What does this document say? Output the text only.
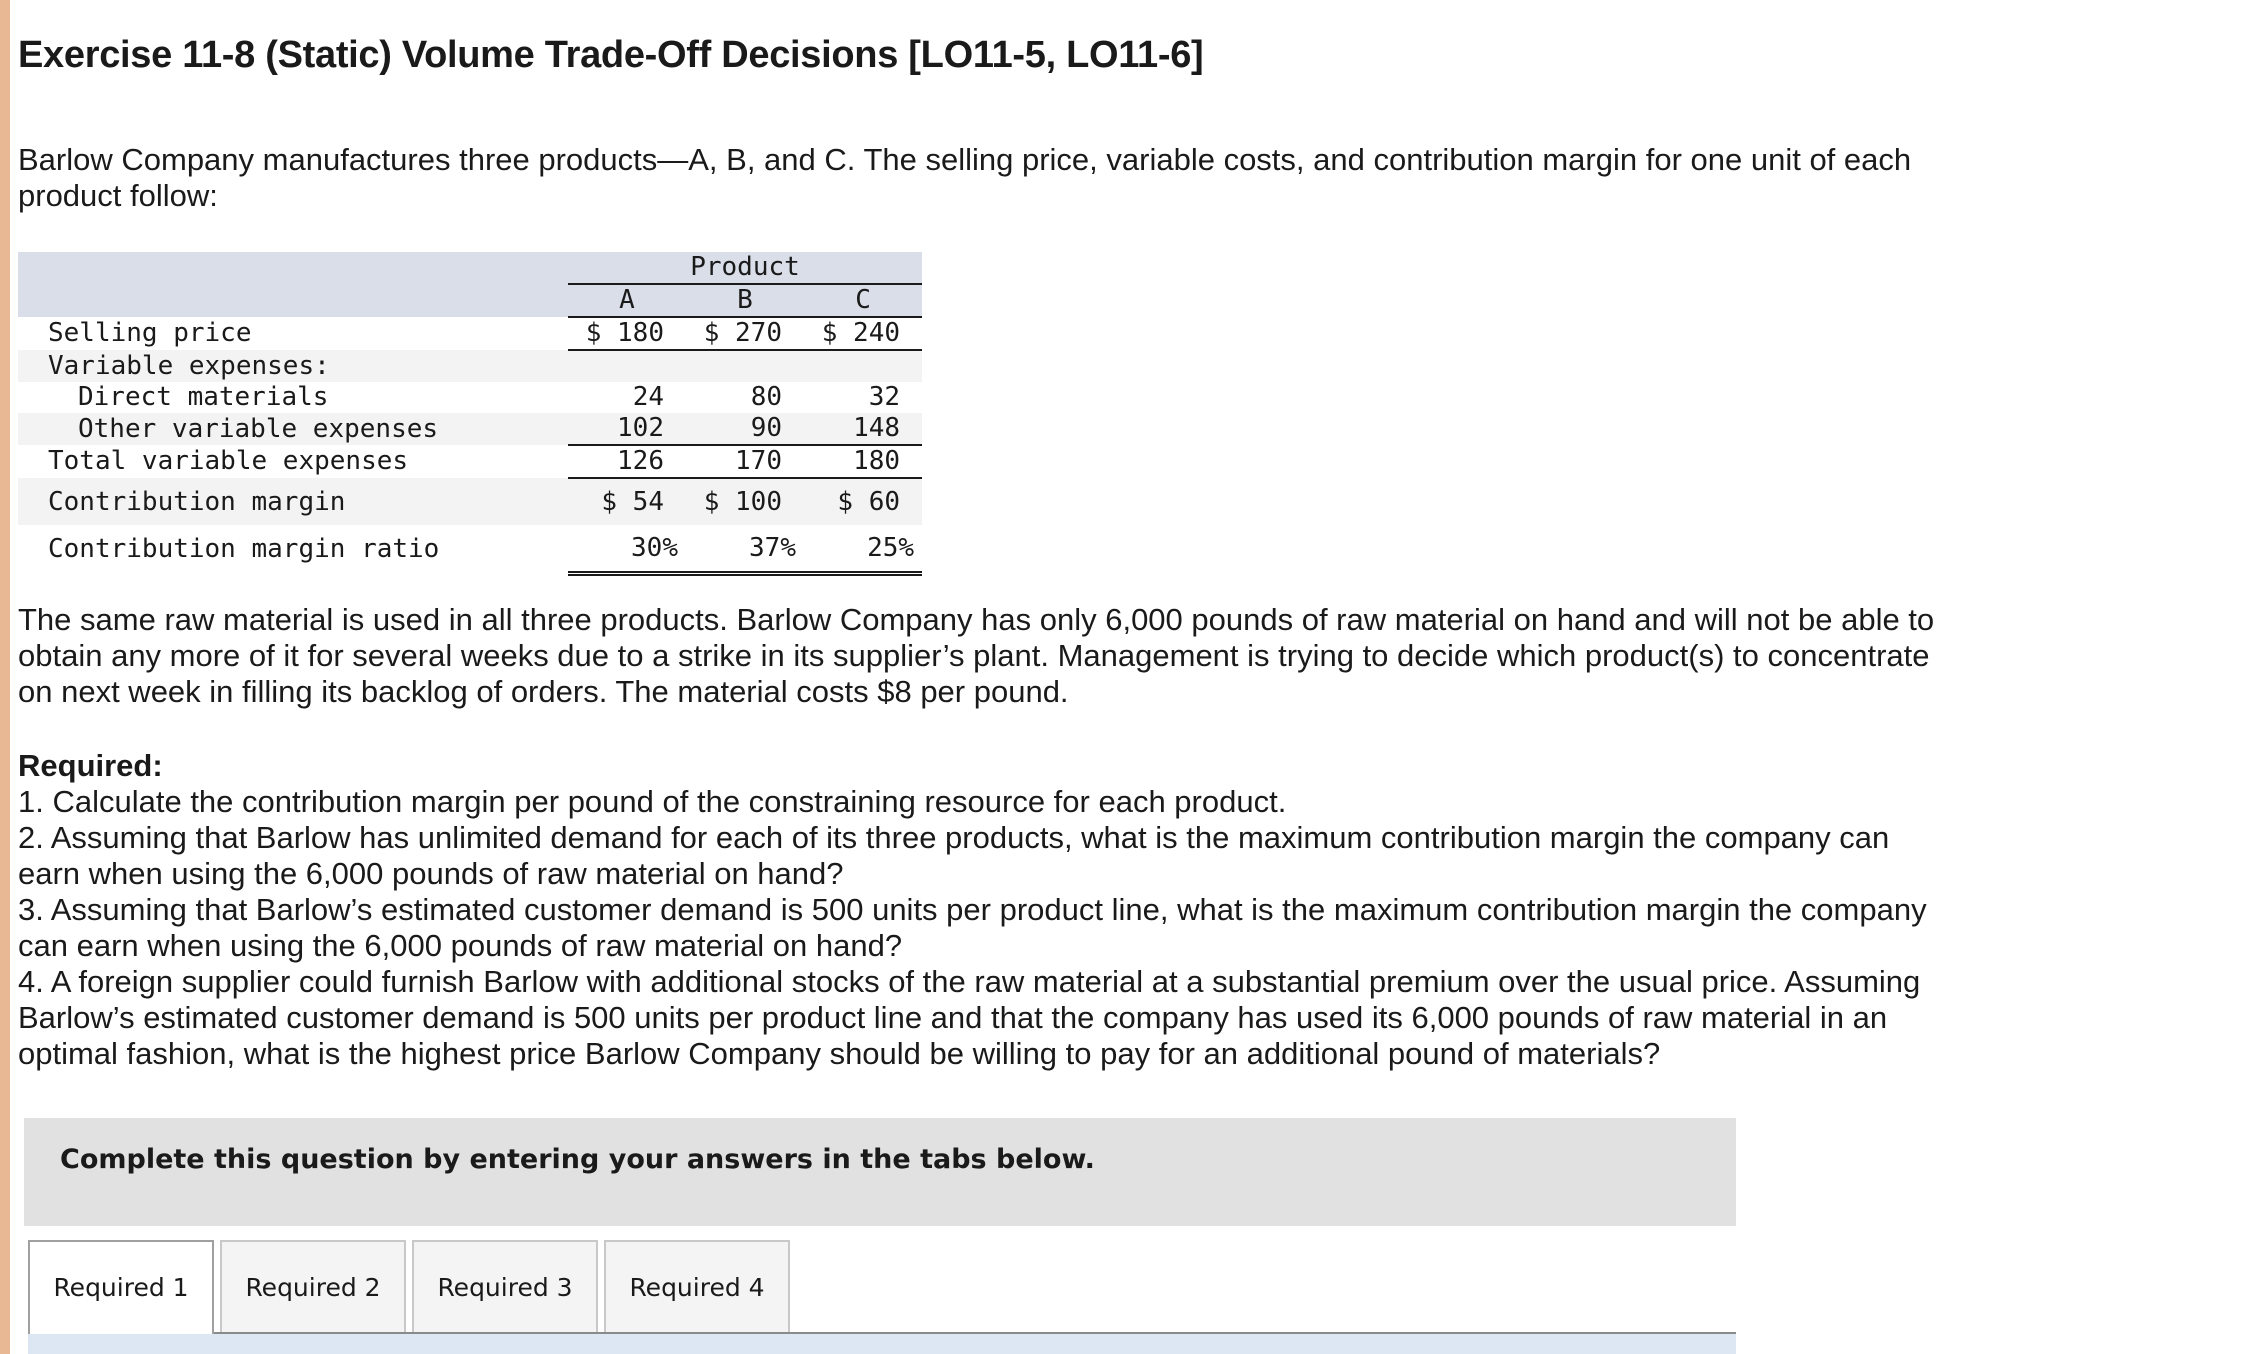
Exercise 11-8 (Static) Volume Trade-Off Decisions [LO11-5, LO11-6]

Barlow Company manufactures three products—A, B, and C. The selling price, variable costs, and contribution margin for one unit of each product follow:

	Product		
	A	B	C
Selling price	$ 180	$ 270	$ 240
Variable expenses:			
Direct materials	24	80	32
Other variable expenses	102	90	148
Total variable expenses	126	170	180
Contribution margin	$ 54	$ 100	$ 60
Contribution margin ratio	30%	37%	25%

The same raw material is used in all three products. Barlow Company has only 6,000 pounds of raw material on hand and will not be able to obtain any more of it for several weeks due to a strike in its supplier’s plant. Management is trying to decide which product(s) to concentrate on next week in filling its backlog of orders. The material costs $8 per pound.

Required:
1. Calculate the contribution margin per pound of the constraining resource for each product.
2. Assuming that Barlow has unlimited demand for each of its three products, what is the maximum contribution margin the company can earn when using the 6,000 pounds of raw material on hand?
3. Assuming that Barlow’s estimated customer demand is 500 units per product line, what is the maximum contribution margin the company can earn when using the 6,000 pounds of raw material on hand?
4. A foreign supplier could furnish Barlow with additional stocks of the raw material at a substantial premium over the usual price. Assuming Barlow’s estimated customer demand is 500 units per product line and that the company has used its 6,000 pounds of raw material in an optimal fashion, what is the highest price Barlow Company should be willing to pay for an additional pound of materials?
Complete this question by entering your answers in the tabs below.
Required 1	Required 2	Required 3	Required 4
